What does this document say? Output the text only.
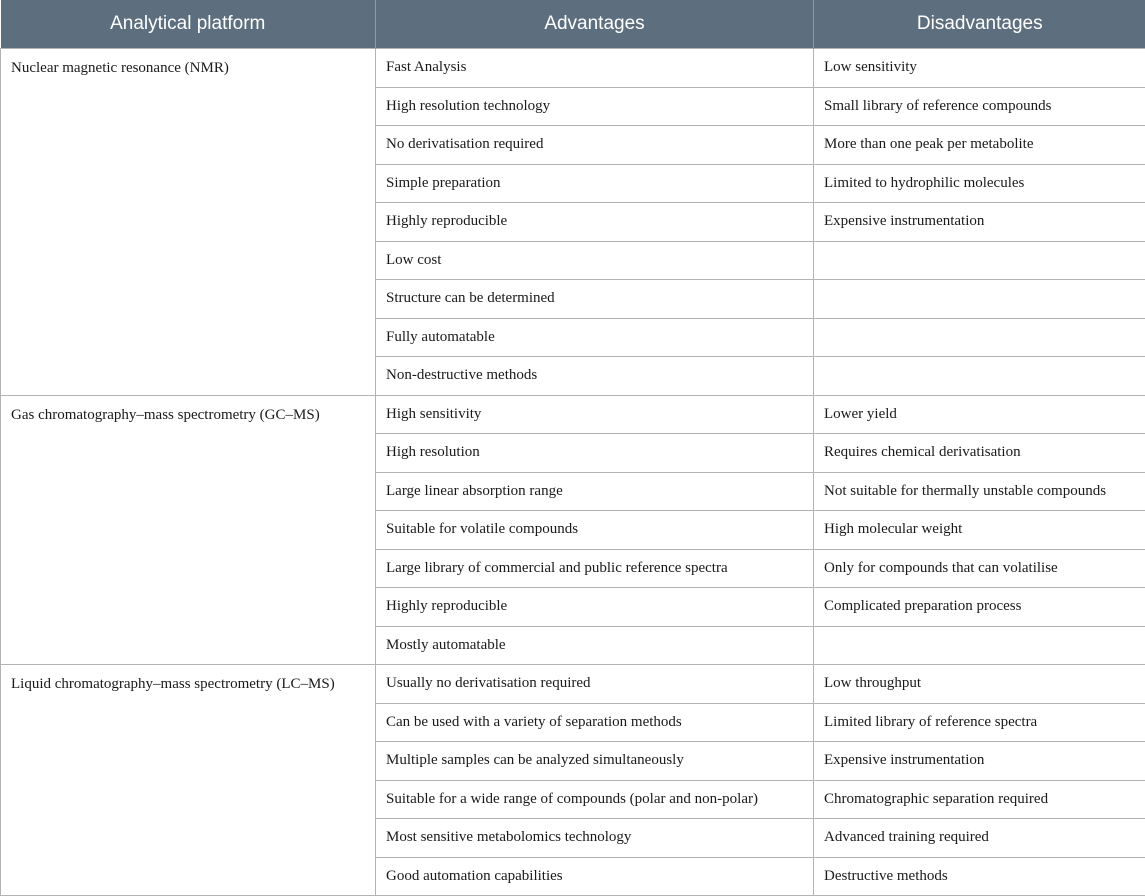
Analytical platform	Advantages	Disadvantages
Nuclear magnetic resonance (NMR)	Fast Analysis	Low sensitivity
	High resolution technology	Small library of reference compounds
	No derivatisation required	More than one peak per metabolite
	Simple preparation	Limited to hydrophilic molecules
	Highly reproducible	Expensive instrumentation
	Low cost	
	Structure can be determined	
	Fully automatable	
	Non-destructive methods	
Gas chromatography–mass spectrometry (GC–MS)	High sensitivity	Lower yield
	High resolution	Requires chemical derivatisation
	Large linear absorption range	Not suitable for thermally unstable compounds
	Suitable for volatile compounds	High molecular weight
	Large library of commercial and public reference spectra	Only for compounds that can volatilise
	Highly reproducible	Complicated preparation process
	Mostly automatable	
Liquid chromatography–mass spectrometry (LC–MS)	Usually no derivatisation required	Low throughput
	Can be used with a variety of separation methods	Limited library of reference spectra
	Multiple samples can be analyzed simultaneously	Expensive instrumentation
	Suitable for a wide range of compounds (polar and non-polar)	Chromatographic separation required
	Most sensitive metabolomics technology	Advanced training required
	Good automation capabilities	Destructive methods
